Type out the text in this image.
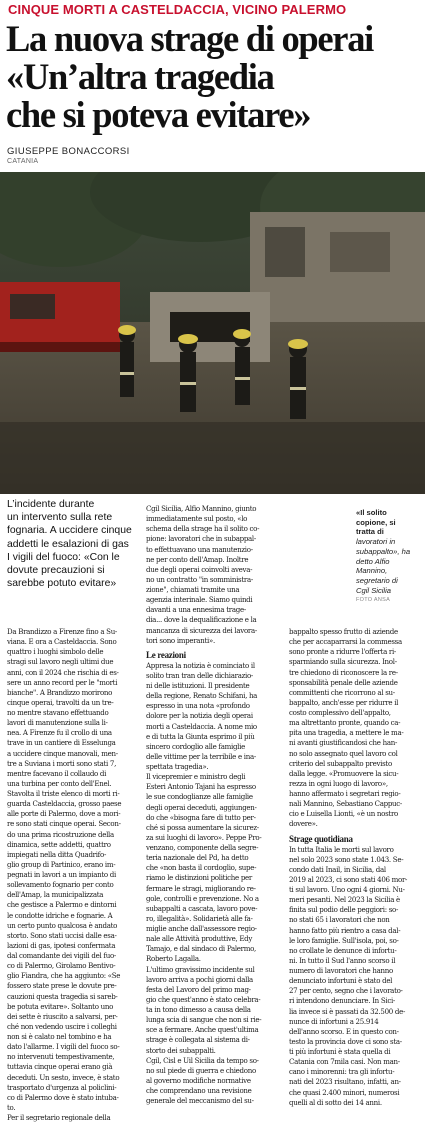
CINQUE MORTI A CASTELDACCIA, VICINO PALERMO
La nuova strage di operai
«Un’altra tragedia
che si poteva evitare»
GIUSEPPE BONACCORSI
CATANIA
L’incidente durante
un intervento sulla rete
fognaria. A uccidere cinque
addetti le esalazioni di gas
I vigili del fuoco: «Con le
dovute precauzioni si
sarebbe potuto evitare»
«Il solito
copione, si
tratta di
lavoratori in
subappalto», ha
detto Alfio
Mannino,
segretario di
Cgil Sicilia
FOTO ANSA
Da Brandizzo a Firenze fino a Su-
viana. E ora a Casteldaccia. Sono
quattro i luoghi simbolo delle
stragi sul lavoro negli ultimi due
anni, con il 2024 che rischia di es-
sere un anno record per le "morti
bianche". A Brandizzo morirono
cinque operai, travolti da un tre-
no mentre stavano effettuando
lavori di manutenzione sulla li-
nea. A Firenze fu il crollo di una
trave in un cantiere di Esselunga
a uccidere cinque manovali, men-
tre a Suviana i morti sono stati 7,
mentre facevano il collaudo di
una turbina per conto dell'Enel.
Stavolta il triste elenco di morti ri-
guarda Casteldaccia, grosso paese
alle porte di Palermo, dove a mori-
re sono stati cinque operai. Secon-
do una prima ricostruzione della
dinamica, sette addetti, quattro
impiegati nella ditta Quadrifo-
glio group di Partinico, erano im-
pegnati in lavori a un impianto di
sollevamento fognario per conto
dell'Amap, la municipalizzata
che gestisce a Palermo e dintorni
le condotte idriche e fognarie. A
un certo punto qualcosa è andato
storto. Sono stati uccisi dalle esa-
lazioni di gas, ipotesi confermata
dal comandante dei vigili del fuo-
co di Palermo, Girolamo Bentivo-
glio Fiandra, che ha aggiunto: «Se
fossero state prese le dovute pre-
cauzioni questa tragedia si sareb-
be potuta evitare». Soltanto uno
dei sette è riuscito a salvarsi, per-
ché non vedendo uscire i colleghi
non si è calato nel tombino e ha
dato l'allarme. I vigili del fuoco so-
no intervenuti tempestivamente,
tuttavia cinque operai erano già
deceduti. Un sesto, invece, è stato
trasportato d'urgenza al policlini-
co di Palermo dove è stato intuba-
to.
Per il segretario regionale della
Cgil Sicilia, Alfio Mannino, giunto
immediatamente sul posto, «lo
schema della strage ha il solito co-
pione: lavoratori che in subappal-
to effettuavano una manutenzio-
ne per conto dell'Amap. Inoltre
due degli operai coinvolti aveva-
no un contratto "in somministra-
zione", chiamati tramite una
agenzia interinale. Siamo quindi
davanti a una ennesima trage-
dia... dove la dequalificazione e la
mancanza di sicurezza dei lavora-
tori sono imperanti».
Le reazioni
Appresa la notizia è cominciato il
solito tran tran delle dichiarazio-
ni delle istituzioni. Il presidente
della regione, Renato Schifani, ha
espresso in una nota «profondo
dolore per la notizia degli operai
morti a Casteldaccia. A nome mio
e di tutta la Giunta esprimo il più
sincero cordoglio alle famiglie
delle vittime per la terribile e ina-
spettata tragedia».
Il vicepremier e ministro degli
Esteri Antonio Tajani ha espresso
le sue condoglianze alle famiglie
degli operai deceduti, aggiungen-
do che «bisogna fare di tutto per-
ché si possa aumentare la sicurez-
za sui luoghi di lavoro». Peppe Pro-
venzano, componente della segre-
teria nazionale del Pd, ha detto
che «non basta il cordoglio, supe-
riamo le distinzioni politiche per
fermare le stragi, migliorando re-
gole, controlli e prevenzione. No a
subappalti a cascata, lavoro pove-
ro, illegalità». Solidarietà alle fa-
miglie anche dall'assessore regio-
nale alle Attività produttive, Edy
Tamajo, e dal sindaco di Palermo,
Roberto Lagalla.
L'ultimo gravissimo incidente sul
lavoro arriva a pochi giorni dalla
festa del Lavoro del primo mag-
gio che quest'anno è stato celebra-
ta in tono dimesso a causa della
lunga scia di sangue che non si rie-
sce a fermare. Anche quest'ultima
strage è collegata al sistema di-
storto dei subappalti.
Cgil, Cisl e Uil Sicilia da tempo so-
no sul piede di guerra e chiedono
al governo modifiche normative
che comprendano una revisione
generale del meccanismo del su-
bappalto spesso frutto di aziende
che per accaparrarsi la commessa
sono pronte a ridurre l'offerta ri-
sparmiando sulla sicurezza. Inol-
tre chiedono di riconoscere la re-
sponsabilità penale delle aziende
committenti che ricorrono al su-
bappalto, anch'esse per ridurre il
costo complessivo dell'appalto,
ma altrettanto pronte, quando ca-
pita una tragedia, a mettere le ma-
ni avanti giustificandosi che han-
no solo assegnato quel lavoro col
criterio del subappalto previsto
dalla legge. «Promuovere la sicu-
rezza in ogni luogo di lavoro»,
hanno affermato i segretari regio-
nali Mannino, Sebastiano Cappuc-
cio e Luisella Lionti, «è un nostro
dovere».
Strage quotidiana
In tutta Italia le morti sul lavoro
nel solo 2023 sono state 1.043. Se-
condo dati Inail, in Sicilia, dal
2019 al 2023, ci sono stati 406 mor-
ti sul lavoro. Uno ogni 4 giorni. Nu-
meri pesanti. Nel 2023 la Sicilia è
finita sul podio delle peggiori: so-
no stati 65 i lavoratori che non
hanno fatto più rientro a casa dal-
le loro famiglie. Sull'isola, poi, so-
no crollate le denunce di infortu-
ni. In tutto il Sud l'anno scorso il
numero di lavoratori che hanno
denunciato infortuni è stato del
27 per cento, segno che i lavorato-
ri intendono denunciare. In Sici-
lia invece si è passati da 32.500 de-
nunce di infortuni a 25.914
dell'anno scorso. E in questo con-
testo la provincia dove ci sono sta-
ti più infortuni è stata quella di
Catania con 7mila casi. Non man-
cano i minorenni: tra gli infortu-
nati del 2023 risultano, infatti, an-
che quasi 2.400 minori, numerosi
quelli al di sotto dei 14 anni.
